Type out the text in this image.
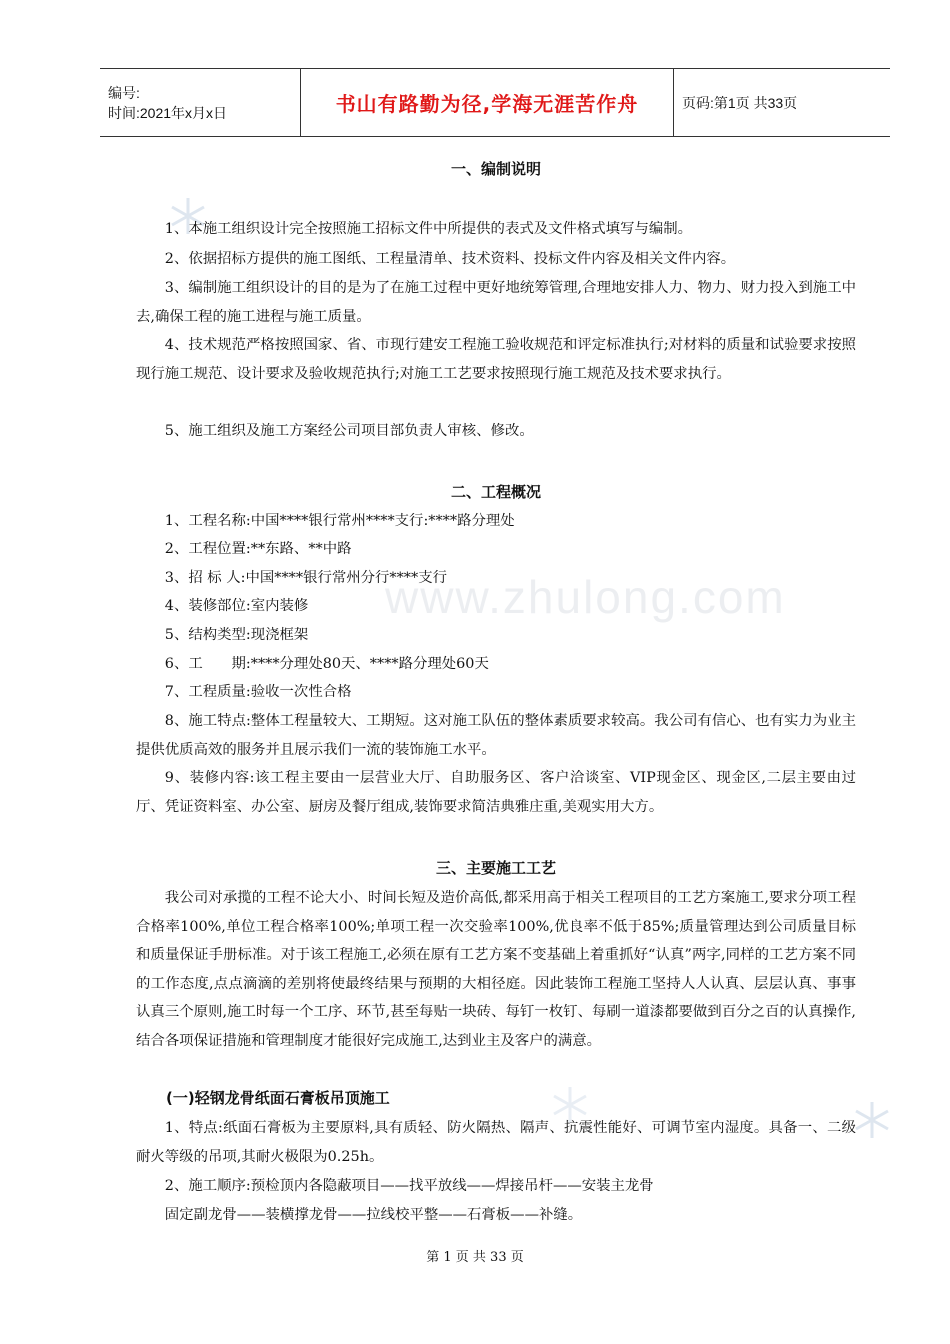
编号:
时间:2021年x月x日	书山有路勤为径,学海无涯苦作舟	页码:第1页 共33页
www.zhulong.com
一、编制说明
1、本施工组织设计完全按照施工招标文件中所提供的表式及文件格式填写与编制。
2、依据招标方提供的施工图纸、工程量清单、技术资料、投标文件内容及相关文件内容。
3、编制施工组织设计的目的是为了在施工过程中更好地统筹管理,合理地安排人力、物力、财力投入到施工中去,确保工程的施工进程与施工质量。
4、技术规范严格按照国家、省、市现行建安工程施工验收规范和评定标准执行;对材料的质量和试验要求按照现行施工规范、设计要求及验收规范执行;对施工工艺要求按照现行施工规范及技术要求执行。
5、施工组织及施工方案经公司项目部负责人审核、修改。
二、工程概况
1、工程名称:中国****银行常州****支行:****路分理处
2、工程位置:**东路、**中路
3、招 标 人:中国****银行常州分行****支行
4、装修部位:室内装修
5、结构类型:现浇框架
6、工　　期:****分理处80天、****路分理处60天
7、工程质量:验收一次性合格
8、施工特点:整体工程量较大、工期短。这对施工队伍的整体素质要求较高。我公司有信心、也有实力为业主提供优质高效的服务并且展示我们一流的装饰施工水平。
9、装修内容:该工程主要由一层营业大厅、自助服务区、客户洽谈室、VIP现金区、现金区,二层主要由过厅、凭证资料室、办公室、厨房及餐厅组成,装饰要求简洁典雅庄重,美观实用大方。
三、主要施工工艺
我公司对承揽的工程不论大小、时间长短及造价高低,都采用高于相关工程项目的工艺方案施工,要求分项工程合格率100%,单位工程合格率100%;单项工程一次交验率100%,优良率不低于85%;质量管理达到公司质量目标和质量保证手册标准。对于该工程施工,必须在原有工艺方案不变基础上着重抓好“认真”两字,同样的工艺方案不同的工作态度,点点滴滴的差别将使最终结果与预期的大相径庭。因此装饰工程施工坚持人人认真、层层认真、事事认真三个原则,施工时每一个工序、环节,甚至每贴一块砖、每钉一枚钉、每刷一道漆都要做到百分之百的认真操作,结合各项保证措施和管理制度才能很好完成施工,达到业主及客户的满意。
(一)轻钢龙骨纸面石膏板吊顶施工
1、特点:纸面石膏板为主要原料,具有质轻、防火隔热、隔声、抗震性能好、可调节室内湿度。具备一、二级耐火等级的吊项,其耐火极限为0.25h。
2、施工顺序:预检顶内各隐蔽项目——找平放线——焊接吊杆——安装主龙骨
固定副龙骨——装横撑龙骨——拉线校平整——石膏板——补缝。
第 1 页 共 33 页
